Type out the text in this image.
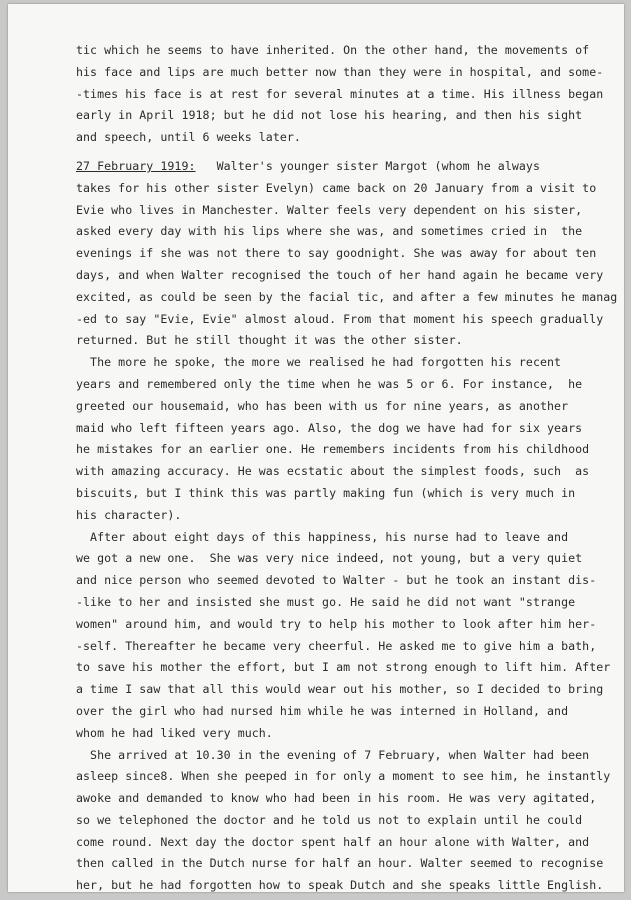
tic which he seems to have inherited. On the other hand, the movements of
his face and lips are much better now than they were in hospital, and some-
-times his face is at rest for several minutes at a time. His illness began
early in April 1918; but he did not lose his hearing, and then his sight
and speech, until 6 weeks later.
27 February 1919:   Walter's younger sister Margot (whom he always
takes for his other sister Evelyn) came back on 20 January from a visit to
Evie who lives in Manchester. Walter feels very dependent on his sister,
asked every day with his lips where she was, and sometimes cried in  the
evenings if she was not there to say goodnight. She was away for about ten
days, and when Walter recognised the touch of her hand again he became very
excited, as could be seen by the facial tic, and after a few minutes he manag
-ed to say "Evie, Evie" almost aloud. From that moment his speech gradually
returned. But he still thought it was the other sister.
The more he spoke, the more we realised he had forgotten his recent
years and remembered only the time when he was 5 or 6. For instance,  he
greeted our housemaid, who has been with us for nine years, as another
maid who left fifteen years ago. Also, the dog we have had for six years
he mistakes for an earlier one. He remembers incidents from his childhood
with amazing accuracy. He was ecstatic about the simplest foods, such  as
biscuits, but I think this was partly making fun (which is very much in
his character).
After about eight days of this happiness, his nurse had to leave and
we got a new one.  She was very nice indeed, not young, but a very quiet
and nice person who seemed devoted to Walter - but he took an instant dis-
-like to her and insisted she must go. He said he did not want "strange
women" around him, and would try to help his mother to look after him her-
-self. Thereafter he became very cheerful. He asked me to give him a bath,
to save his mother the effort, but I am not strong enough to lift him. After
a time I saw that all this would wear out his mother, so I decided to bring
over the girl who had nursed him while he was interned in Holland, and
whom he had liked very much.
She arrived at 10.30 in the evening of 7 February, when Walter had been
asleep since8. When she peeped in for only a moment to see him, he instantly
awoke and demanded to know who had been in his room. He was very agitated,
so we telephoned the doctor and he told us not to explain until he could
come round. Next day the doctor spent half an hour alone with Walter, and
then called in the Dutch nurse for half an hour. Walter seemed to recognise
her, but he had forgotten how to speak Dutch and she speaks little English.
